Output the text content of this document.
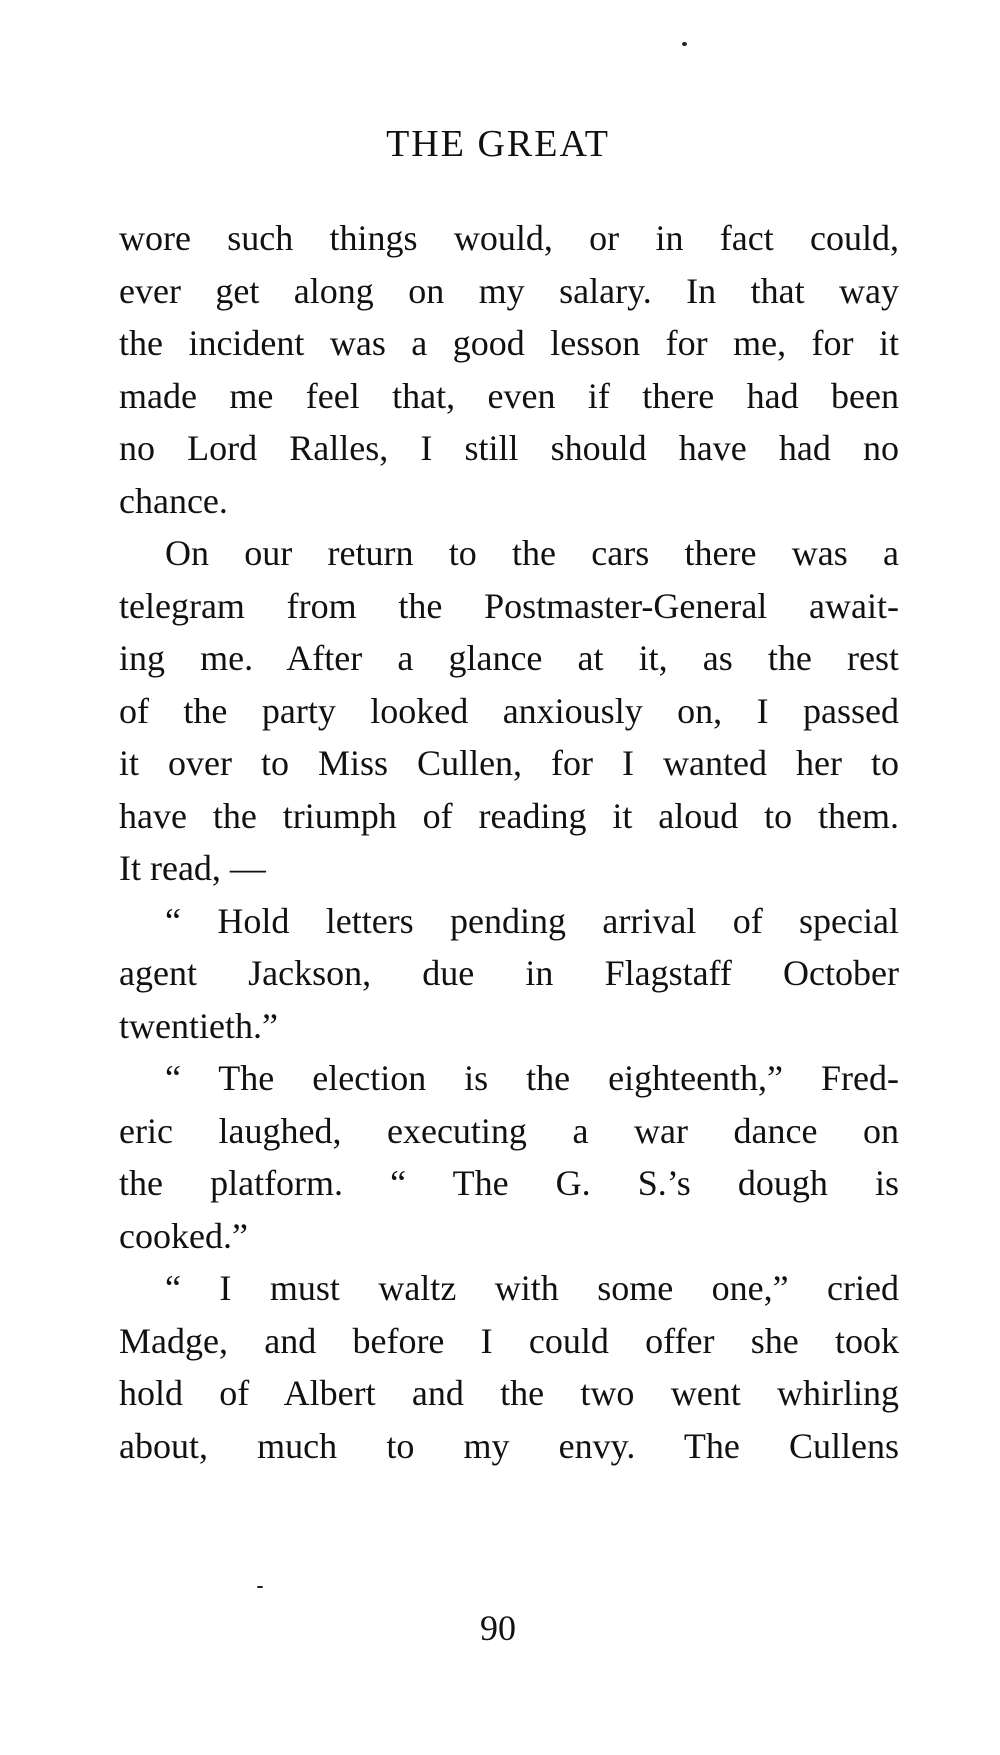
THE GREAT
wore such things would, or in fact could,
ever get along on my salary. In that way
the incident was a good lesson for me, for it
made me feel that, even if there had been
no Lord Ralles, I still should have had no
chance.
On our return to the cars there was a
telegram from the Postmaster-General await-
ing me. After a glance at it, as the rest
of the party looked anxiously on, I passed
it over to Miss Cullen, for I wanted her to
have the triumph of reading it aloud to them.
It read, —
“ Hold letters pending arrival of special
agent Jackson, due in Flagstaff October
twentieth.”
“ The election is the eighteenth,” Fred-
eric laughed, executing a war dance on
the platform. “ The G. S.’s dough is
cooked.”
“ I must waltz with some one,” cried
Madge, and before I could offer she took
hold of Albert and the two went whirling
about, much to my envy. The Cullens
90
